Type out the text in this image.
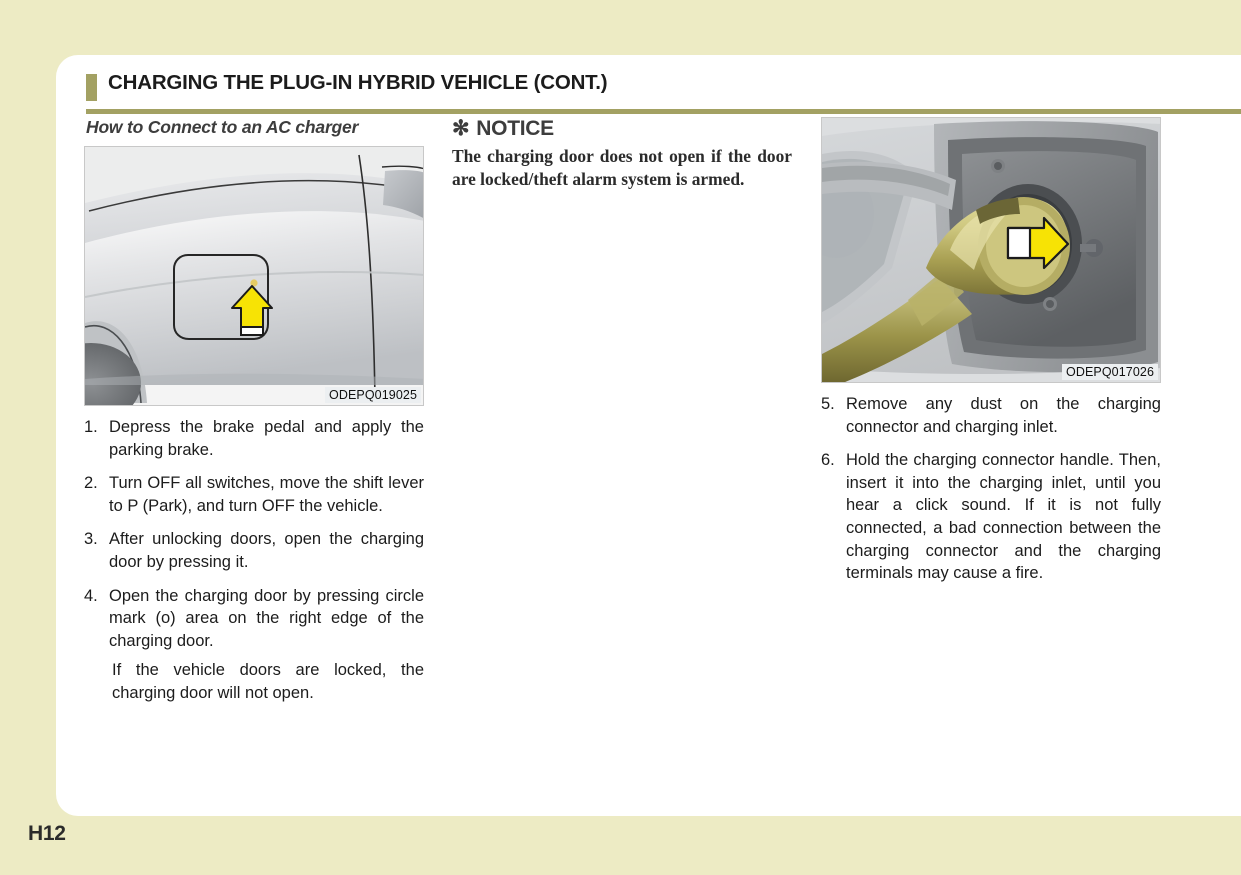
CHARGING THE PLUG-IN HYBRID VEHICLE (CONT.)
How to Connect to an AC charger
ODEPQ019025
1. Depress the brake pedal and apply the parking brake.
2. Turn OFF all switches, move the shift lever to P (Park), and turn OFF the vehicle.
3. After unlocking doors, open the charging door by pressing it.
4. Open the charging door by pressing circle mark (o) area on the right edge of the charging door.
If the vehicle doors are locked, the charging door will not open.
✻ NOTICE

The charging door does not open if the door are locked/theft alarm system is armed.

ODEPQ017026
5. Remove any dust on the charging connector and charging inlet.
6. Hold the charging connector handle. Then, insert it into the charging inlet, until you hear a click sound. If it is not fully connected, a bad connection between the charging connector and the charging terminals may cause a fire.
H12
